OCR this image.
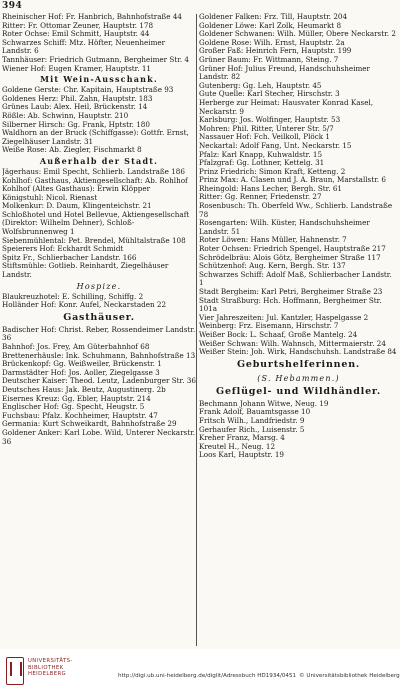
394
Rheinischer Hof: Fr. Hanbrich, Bahnhofstraße 44
Ritter: Fr. Ottomar Zeuner, Hauptstr. 178
Roter Ochse: Emil Schmitt, Hauptstr. 44
Schwarzes Schiff: Mtz. Höfter, Neuenheimer Landstr. 6
Tannhäuser: Friedrich Gutmann, Bergheimer Str. 4
Wiener Hof: Eugen Kramer, Hauptstr. 11
Mit Wein-Ausschank.
Goldene Gerste: Chr. Kapitain, Hauptstraße 93
Goldenes Herz: Phil. Zahn, Hauptstr. 183
Grünes Laub: Alex. Heil, Brückenstr. 14
Rößle: Ab. Schwinn, Hauptstr. 210
Silberner Hirsch: Gg. Frank, Hptstr. 180
Waldhorn an der Bruck (Schiffgasse): Gottfr. Ernst, Ziegelhäuser Landstr. 31
Weiße Rose: Ab. Ziegler, Fischmarkt 8
Außerhalb der Stadt.
Jägerhaus: Emil Specht, Schlierb. Landstraße 186
Kohlhof: Gasthaus, Aktiengesellschaft: Ab. Rohlhof
Kohlhof (Altes Gasthaus): Erwin Klöpper
Königstuhl: Nicol. Rienast
Molkenkur: D. Daum, Klingenteichstr. 21
Schloßhotel und Hotel Bellevue, Aktiengesellschaft (Direktor: Wilhelm Dehner), Schloß-Wolfsbrunnenweg 1
Siebenmühlental: Pet. Brendel, Mühltalstraße 108
Speierers Hof: Eckhardt Schmidt
Spitz Fr., Schlierbacher Landstr. 166
Stiftsmühle: Gotlieb. Reinhardt, Ziegelhäuser Landstr.
Hospize.
Blaukreuzhotel: E. Schilling, Schiffg. 2
Holländer Hof: Konr. Aufel, Neckarstaden 22
Gasthäuser.
Badischer Hof: Christ. Reber, Rossendeimer Landstr. 36
Bahnhof: Jos. Frey, Am Güterbahnhof 68
Brettenerhäusle: Ink. Schuhmann, Bahnhofstraße 13
Brückenkopf: Gg. Weißweiler, Brückenstr. 1
Darmstädter Hof: Jos. Aoller, Ziegelgasse 3
Deutscher Kaiser: Theod. Leutz, Ladenburger Str. 36
Deutsches Haus: Jak. Beutz, Augustinerg. 2b
Eisernes Kreuz: Gg. Ebler, Hauptstr. 214
Englischer Hof: Gg. Specht, Heugstr. 5
Fuchsbau: Pfalz. Kochheimer, Hauptstr. 47
Germania: Kurt Schweikardt, Bahnhofstraße 29
Goldener Anker: Karl Lobe. Wild, Unterer Neckarstr. 36
Goldener Falken: Frz. Till, Hauptstr. 204
Goldener Löwe: Karl Zolk, Heumarkt 8
Goldener Schwanen: Wilh. Müller, Obere Neckarstr. 2
Goldene Rose: Wilh. Ernst, Hauptstr. 2a
Großer Faß: Heinrich Fern, Hauptstr. 199
Grüner Baum: Fr. Wittmann, Steing. 7
Grüner Hof: Julius Freund, Handschuhsheimer Landstr. 82
Gutenberg: Gg. Leh, Hauptstr. 45
Gute Quelle: Karl Stecher, Hirschstr. 3
Herberge zur Heimat: Hausvater Konrad Kasel, Neckarstr. 9
Karlsburg: Jos. Wolfinger, Hauptstr. 53
Mohren: Phil. Ritter, Unterer Str. 5/7
Nassauer Hof: Fch. Veilkoll, Plöck 1
Neckartal: Adolf Fang, Unt. Neckarstr. 15
Pfalz: Karl Knapp, Kuhwaldstr. 15
Pfalzgraf: Gg. Lothner, Kettelg. 31
Prinz Friedrich: Simon Kraft, Ketteng. 2
Prinz Max: A. Clasen und J. A. Braun, Marstallstr. 6
Rheingold: Hans Lecher, Bergh. Str. 61
Ritter: Gg. Renner, Friedenstr. 27
Rosenbusch: Th. Oberfeld Ww., Schlierb. Landstraße 78
Rosengarten: Wilh. Küster, Handschuhsheimer Landstr. 51
Roter Löwen: Hans Müller, Hahnenstr. 7
Roter Ochsen: Friedrich Spengel, Hauptstraße 217
Schrödelbräu: Alois Götz, Bergheimer Straße 117
Schützenhof: Aug. Kern, Bergh. Str. 137
Schwarzes Schiff: Adolf Maß, Schlierbacher Landstr. 1
Stadt Bergheim: Karl Petri, Bergheimer Straße 23
Stadt Straßburg: Hch. Hoffmann, Bergheimer Str. 101a
Vier Jahreszeiten: Jul. Kantzler, Haspelgasse 2
Weinberg: Frz. Eisemann, Hirschstr. 7
Weißer Bock: L. Schaaf, Große Mantelg. 24
Weißer Schwan: Wilh. Wahnsch, Mittermaierstr. 24
Weißer Stein: Joh. Wirk, Handschuhsh. Landstraße 84
Geburtshelferinnen.
(S. Hebammen.)
Geflügel- und Wildhändler.
Bechmann Johann Witwe, Neug. 19
Frank Adolf, Bauamtsgasse 10
Fritsch Wilh., Landfriedstr. 9
Gerhaufer Rich., Luisenstr. 5
Kreher Franz, Marsg. 4
Kreutel H., Neug. 12
Loos Karl, Hauptstr. 19
UNIVERSITÄTS-
BIBLIOTHEK
HEIDELBERG	http://digi.ub.uni-heidelberg.de/diglit/Adressbuch HD1934/0451 © Universitätsbibliothek Heidelberg
